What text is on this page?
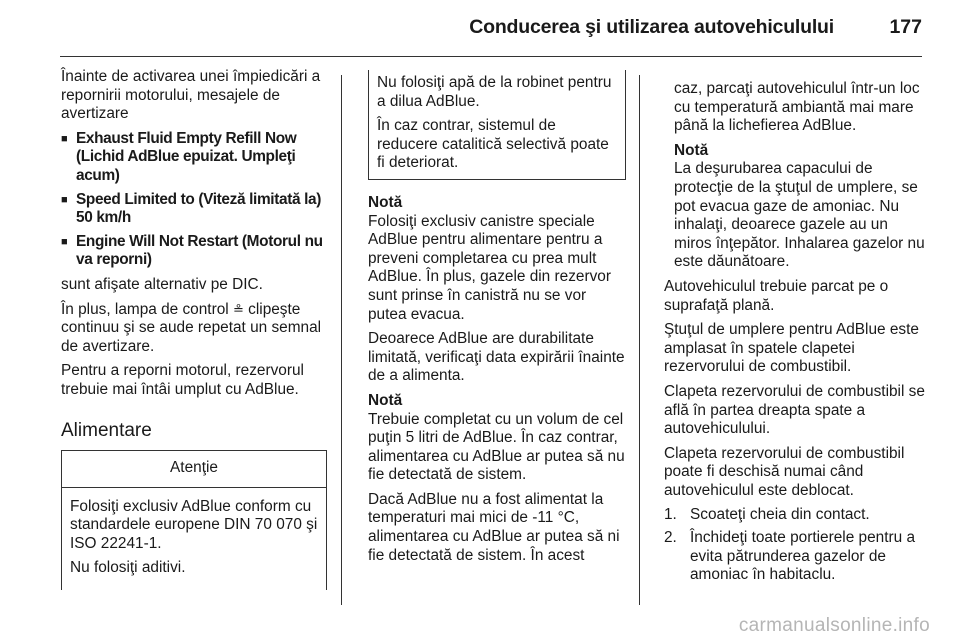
Conducerea şi utilizarea autovehiculului	177

Înainte de activarea unei împiedicări a repornirii motorului, mesajele de avertizare

■ Exhaust Fluid Empty Refill Now (Lichid AdBlue epuizat. Umpleţi acum)
■ Speed Limited to (Viteză limitată la) 50 km/h
■ Engine Will Not Restart (Motorul nu va reporni)

sunt afişate alternativ pe DIC.

În plus, lampa de control ≗ clipeşte continuu şi se aude repetat un semnal de avertizare.

Pentru a reporni motorul, rezervorul trebuie mai întâi umplut cu AdBlue.

Alimentare
Atenţie

Folosiţi exclusiv AdBlue conform cu standardele europene DIN 70 070 şi ISO 22241-1.

Nu folosiţi aditivi.

Nu folosiţi apă de la robinet pentru a dilua AdBlue.

În caz contrar, sistemul de reducere catalitică selectivă poate fi deteriorat.

Notă

Folosiţi exclusiv canistre speciale AdBlue pentru alimentare pentru a preveni completarea cu prea mult AdBlue. În plus, gazele din rezervor sunt prinse în canistră nu se vor putea evacua.

Deoarece AdBlue are durabilitate limitată, verificaţi data expirării înainte de a alimenta.

Notă

Trebuie completat cu un volum de cel puţin 5 litri de AdBlue. În caz contrar, alimentarea cu AdBlue ar putea să nu fie detectată de sistem.

Dacă AdBlue nu a fost alimentat la temperaturi mai mici de -11 °C, alimentarea cu AdBlue ar putea să ni fie detectată de sistem. În acest

caz, parcaţi autovehiculul într-un loc cu temperatură ambiantă mai mare până la lichefierea AdBlue.

Notă

La deşurubarea capacului de protecţie de la ştuţul de umplere, se pot evacua gaze de amoniac. Nu inhalaţi, deoarece gazele au un miros înţepător. Inhalarea gazelor nu este dăunătoare.

Autovehiculul trebuie parcat pe o suprafaţă plană.

Ştuţul de umplere pentru AdBlue este amplasat în spatele clapetei rezervorului de combustibil.

Clapeta rezervorului de combustibil se află în partea dreapta spate a autovehiculului.

Clapeta rezervorului de combustibil poate fi deschisă numai când autovehiculul este deblocat.

1. Scoateţi cheia din contact.
2. Închideţi toate portierele pentru a evita pătrunderea gazelor de amoniac în habitaclu.
carmanualsonline.info
